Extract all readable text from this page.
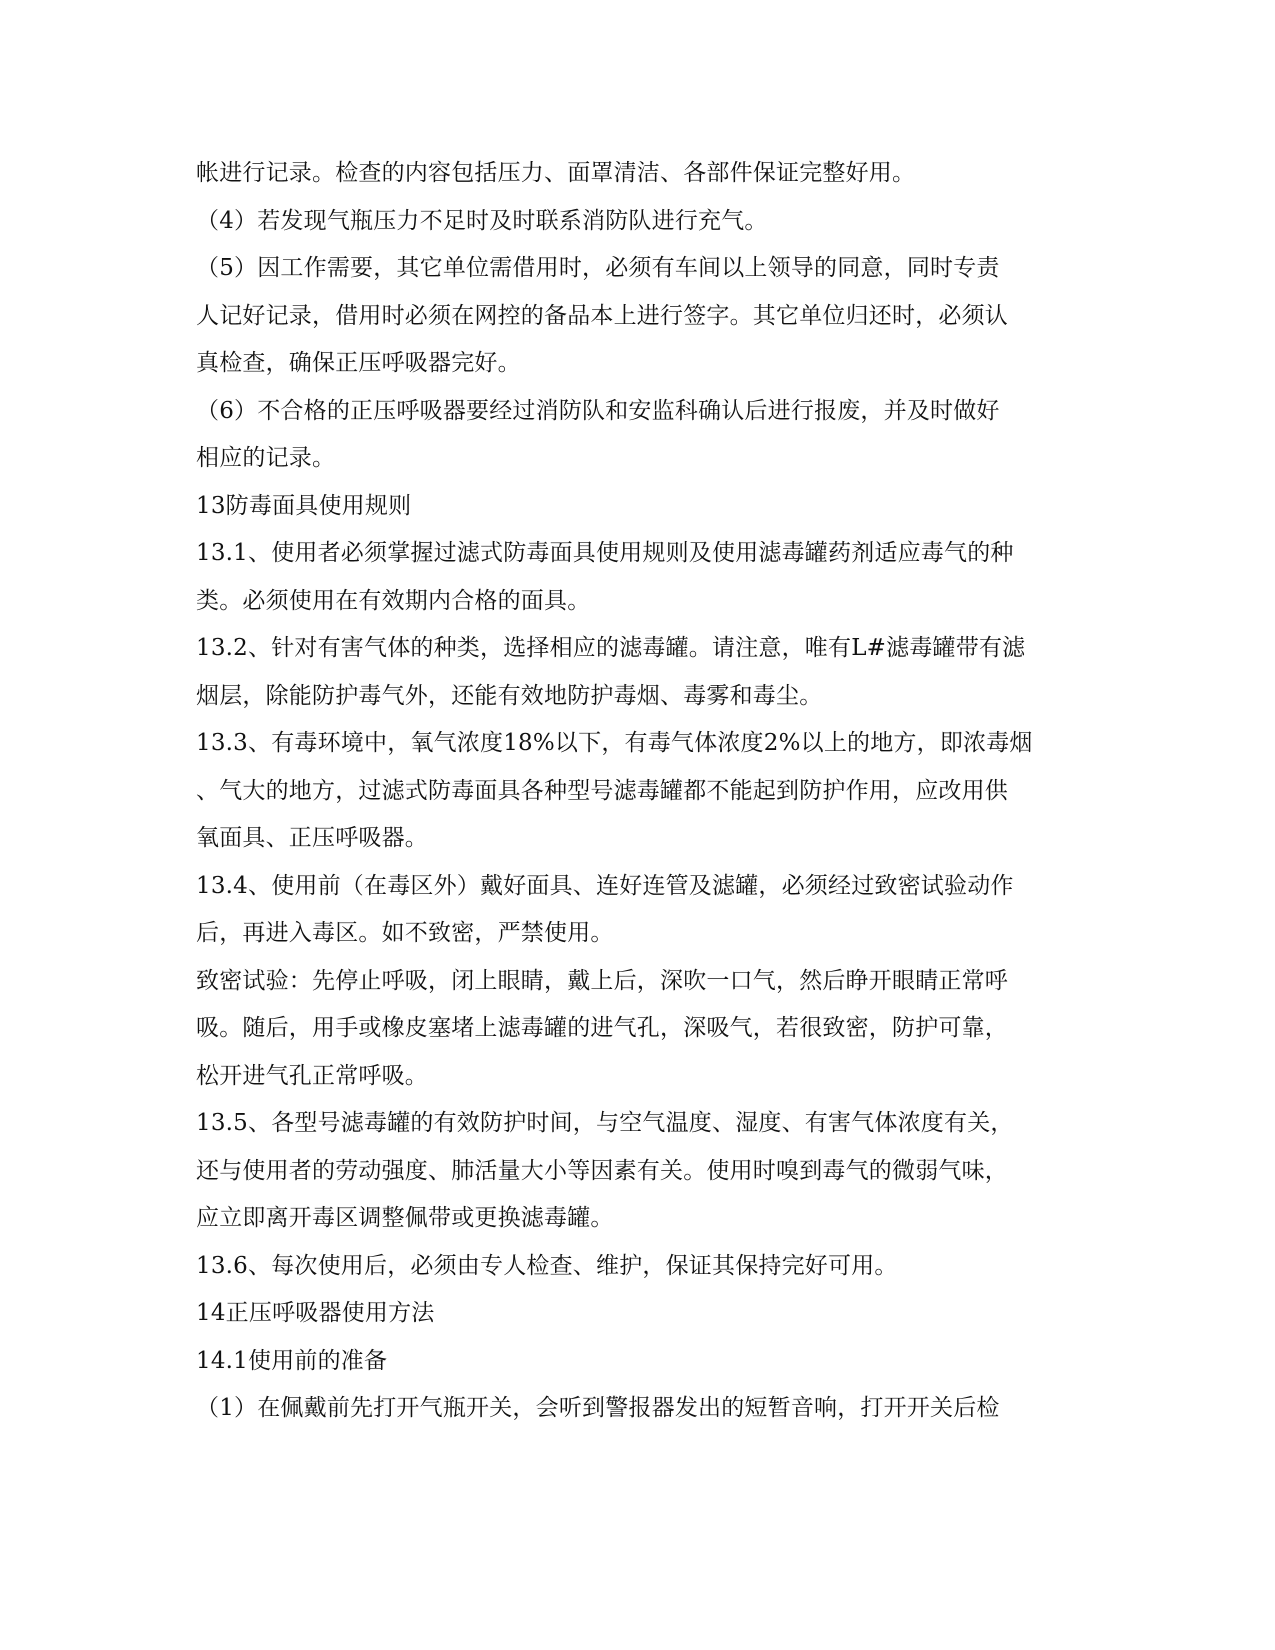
帐进行记录。检查的内容包括压力、面罩清洁、各部件保证完整好用。
（4）若发现气瓶压力不足时及时联系消防队进行充气。
（5）因工作需要，其它单位需借用时，必须有车间以上领导的同意，同时专责
人记好记录，借用时必须在网控的备品本上进行签字。其它单位归还时，必须认
真检查，确保正压呼吸器完好。
（6）不合格的正压呼吸器要经过消防队和安监科确认后进行报废，并及时做好
相应的记录。
13防毒面具使用规则
13.1、使用者必须掌握过滤式防毒面具使用规则及使用滤毒罐药剂适应毒气的种
类。必须使用在有效期内合格的面具。
13.2、针对有害气体的种类，选择相应的滤毒罐。请注意，唯有L#滤毒罐带有滤
烟层，除能防护毒气外，还能有效地防护毒烟、毒雾和毒尘。
13.3、有毒环境中，氧气浓度18%以下，有毒气体浓度2%以上的地方，即浓毒烟
、气大的地方，过滤式防毒面具各种型号滤毒罐都不能起到防护作用，应改用供
氧面具、正压呼吸器。
13.4、使用前（在毒区外）戴好面具、连好连管及滤罐，必须经过致密试验动作
后，再进入毒区。如不致密，严禁使用。
致密试验：先停止呼吸，闭上眼睛，戴上后，深吹一口气，然后睁开眼睛正常呼
吸。随后，用手或橡皮塞堵上滤毒罐的进气孔，深吸气，若很致密，防护可靠，
松开进气孔正常呼吸。
13.5、各型号滤毒罐的有效防护时间，与空气温度、湿度、有害气体浓度有关，
还与使用者的劳动强度、肺活量大小等因素有关。使用时嗅到毒气的微弱气味，
应立即离开毒区调整佩带或更换滤毒罐。
13.6、每次使用后，必须由专人检查、维护，保证其保持完好可用。
14正压呼吸器使用方法
14.1使用前的准备
（1）在佩戴前先打开气瓶开关，会听到警报器发出的短暂音响，打开开关后检
